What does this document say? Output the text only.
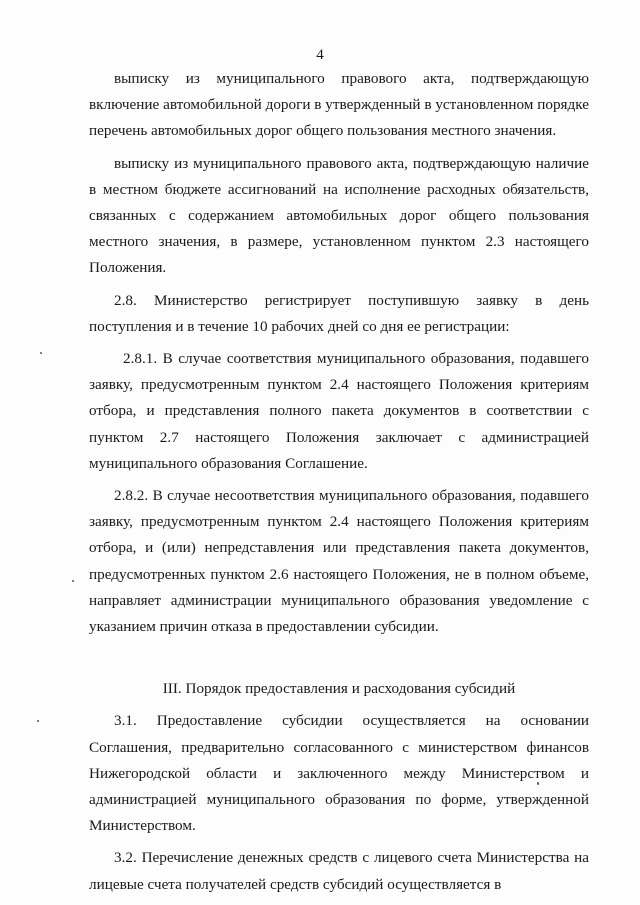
4

выписку из муниципального правового акта, подтверждающую включение автомобильной дороги в утвержденный в установленном порядке перечень автомобильных дорог общего пользования местного значения.

выписку из муниципального правового акта, подтверждающую наличие в местном бюджете ассигнований на исполнение расходных обязательств, связанных с содержанием автомобильных дорог общего пользования местного значения, в размере, установленном пунктом 2.3 настоящего Положения.

2.8. Министерство регистрирует поступившую заявку в день поступления и в течение 10 рабочих дней со дня ее регистрации:

2.8.1. В случае соответствия муниципального образования, подавшего заявку, предусмотренным пунктом 2.4 настоящего Положения критериям отбора, и представления полного пакета документов в соответствии с пунктом 2.7 настоящего Положения заключает с администрацией муниципального образования Соглашение.

2.8.2. В случае несоответствия муниципального образования, подавшего заявку, предусмотренным пунктом 2.4 настоящего Положения критериям отбора, и (или) непредставления или представления пакета документов, предусмотренных пунктом 2.6 настоящего Положения, не в полном объеме, направляет администрации муниципального образования уведомление с указанием причин отказа в предоставлении субсидии.

III. Порядок предоставления и расходования субсидий

3.1. Предоставление субсидии осуществляется на основании Соглашения, предварительно согласованного с министерством финансов Нижегородской области и заключенного между Министерством и администрацией муниципального образования по форме, утвержденной Министерством.

3.2. Перечисление денежных средств с лицевого счета Министерства на лицевые счета получателей средств субсидий осуществляется в
